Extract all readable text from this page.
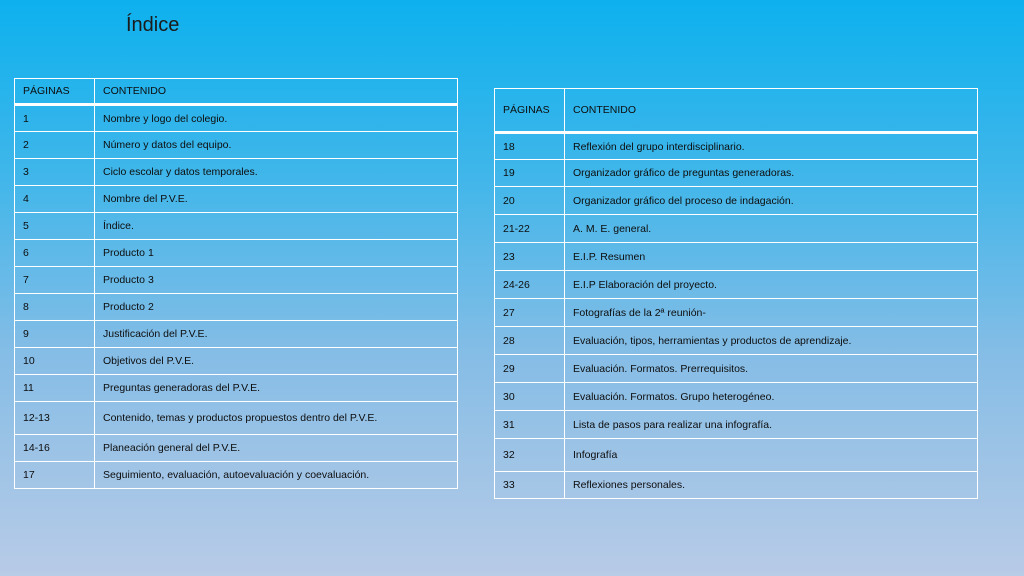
Índice
PÁGINAS	CONTENIDO
1	Nombre y logo del colegio.
2	Número y datos del equipo.
3	Ciclo escolar y datos temporales.
4	Nombre del P.V.E.
5	Índice.
6	Producto 1
7	Producto 3
8	Producto 2
9	Justificación del P.V.E.
10	Objetivos del P.V.E.
11	Preguntas generadoras del P.V.E.
12-13	Contenido, temas y productos propuestos dentro del P.V.E.
14-16	Planeación general del P.V.E.
17	Seguimiento, evaluación, autoevaluación y coevaluación.
PÁGINAS	CONTENIDO
18	Reflexión del grupo interdisciplinario.
19	Organizador gráfico de preguntas generadoras.
20	Organizador gráfico del proceso de indagación.
21-22	A. M. E. general.
23	E.I.P. Resumen
24-26	E.I.P Elaboración del proyecto.
27	Fotografías de la 2ª reunión-
28	Evaluación, tipos, herramientas y productos de aprendizaje.
29	Evaluación. Formatos. Prerrequisitos.
30	Evaluación. Formatos. Grupo heterogéneo.
31	Lista de pasos para realizar una infografía.
32	Infografía
33	Reflexiones personales.
